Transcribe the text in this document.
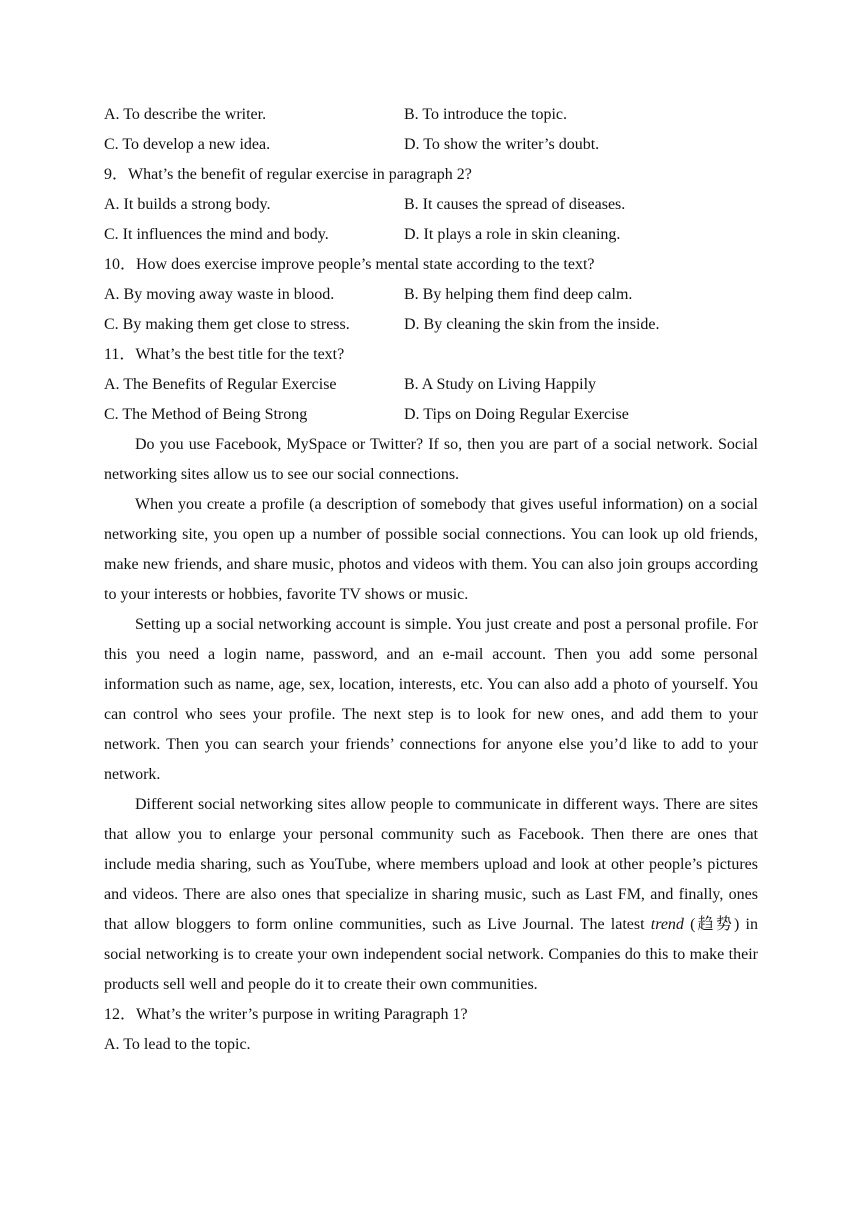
A. To describe the writer.	B. To introduce the topic.
C. To develop a new idea.	D. To show the writer’s doubt.
9．What’s the benefit of regular exercise in paragraph 2?
A. It builds a strong body.	B. It causes the spread of diseases.
C. It influences the mind and body.	D. It plays a role in skin cleaning.
10．How does exercise improve people’s mental state according to the text?
A. By moving away waste in blood.	B. By helping them find deep calm.
C. By making them get close to stress.	D. By cleaning the skin from the inside.
11．What’s the best title for the text?
A. The Benefits of Regular Exercise	B. A Study on Living Happily
C. The Method of Being Strong	D. Tips on Doing Regular Exercise
Do you use Facebook, MySpace or Twitter? If so, then you are part of a social network. Social networking sites allow us to see our social connections.
When you create a profile (a description of somebody that gives useful information) on a social networking site, you open up a number of possible social connections. You can look up old friends, make new friends, and share music, photos and videos with them. You can also join groups according to your interests or hobbies, favorite TV shows or music.
Setting up a social networking account is simple. You just create and post a personal profile. For this you need a login name, password, and an e-mail account. Then you add some personal information such as name, age, sex, location, interests, etc. You can also add a photo of yourself. You can control who sees your profile. The next step is to look for new ones, and add them to your network. Then you can search your friends’ connections for anyone else you’d like to add to your network.
Different social networking sites allow people to communicate in different ways. There are sites that allow you to enlarge your personal community such as Facebook. Then there are ones that include media sharing, such as YouTube, where members upload and look at other people’s pictures and videos. There are also ones that specialize in sharing music, such as Last FM, and finally, ones that allow bloggers to form online communities, such as Live Journal. The latest trend (趋势) in social networking is to create your own independent social network. Companies do this to make their products sell well and people do it to create their own communities.
12．What’s the writer’s purpose in writing Paragraph 1?
A. To lead to the topic.
